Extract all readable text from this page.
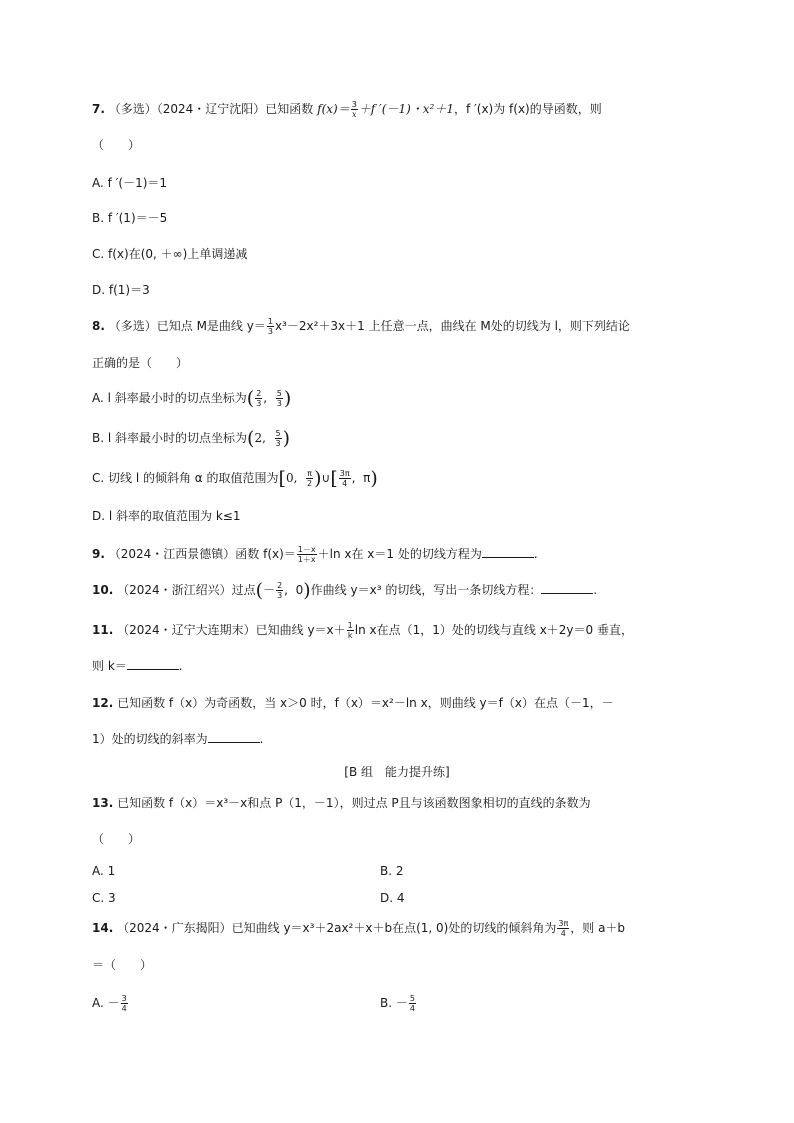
7. （多选）（2024・辽宁沈阳）已知函数 $f(x)= \frac{3}{x} +f$ ′(－1)・x²＋1，f ′(x)为 f(x)的导函数，则
（　　）
A. f ′(－1)＝1
B. f ′(1)＝－5
C. f(x)在(0, ＋∞)上单调递减
D. f(1)＝3
8. （多选）已知点 M是曲线 $y= \frac{1}{3} x^3-2x^2+3x+1$ 上任意一点，曲线在 M处的切线为 l，则下列结论
正确的是（　　）
A. l 斜率最小时的切点坐标为( $\frac{2}{3}$ , $\frac{5}{3}$ )
B. l 斜率最小时的切点坐标为(2, $\frac{5}{3}$ )
C. 切线 l 的倾斜角 α 的取值范围为[0, $\frac{\pi}{2}$ )∪[ $\frac{3\pi}{4}$ ,  π)
D. l 斜率的取值范围为 k≤1
9. （2024・江西景德镇）函数 $f(x)= \frac{1-x}{1+x} +\ln$ x在 x＝1 处的切线方程为	.
10. （2024・浙江绍兴）过点(－ $\frac{2}{3}$ ,  0)作曲线 y＝x³ 的切线，写出一条切线方程：	.
11. （2024・辽宁大连期末）已知曲线 $y=x+ \frac{1}{k}$ ln x在点（1，1）处的切线与直线 x＋2y＝0 垂直，
则 k＝	.
12. 已知函数 f（x）为奇函数，当 x＞0 时，f（x）＝x²－ln x，则曲线 y＝f（x）在点（－1，－
1）处的切线的斜率为	.
[B 组　能力提升练]
13. 已知函数 f（x）＝x³－x和点 P（1，－1），则过点 P且与该函数图象相切的直线的条数为
（　　）
A. 1	B. 2
C. 3	D. 4
14. （2024・广东揭阳）已知曲线 y＝x³＋2ax²＋x＋b在点(1, 0)处的切线的倾斜角为 $\frac{3\pi}{4}$ ，则 a＋b
＝（　　）
A. － $\frac{3}{4}$	B. － $\frac{5}{4}$
